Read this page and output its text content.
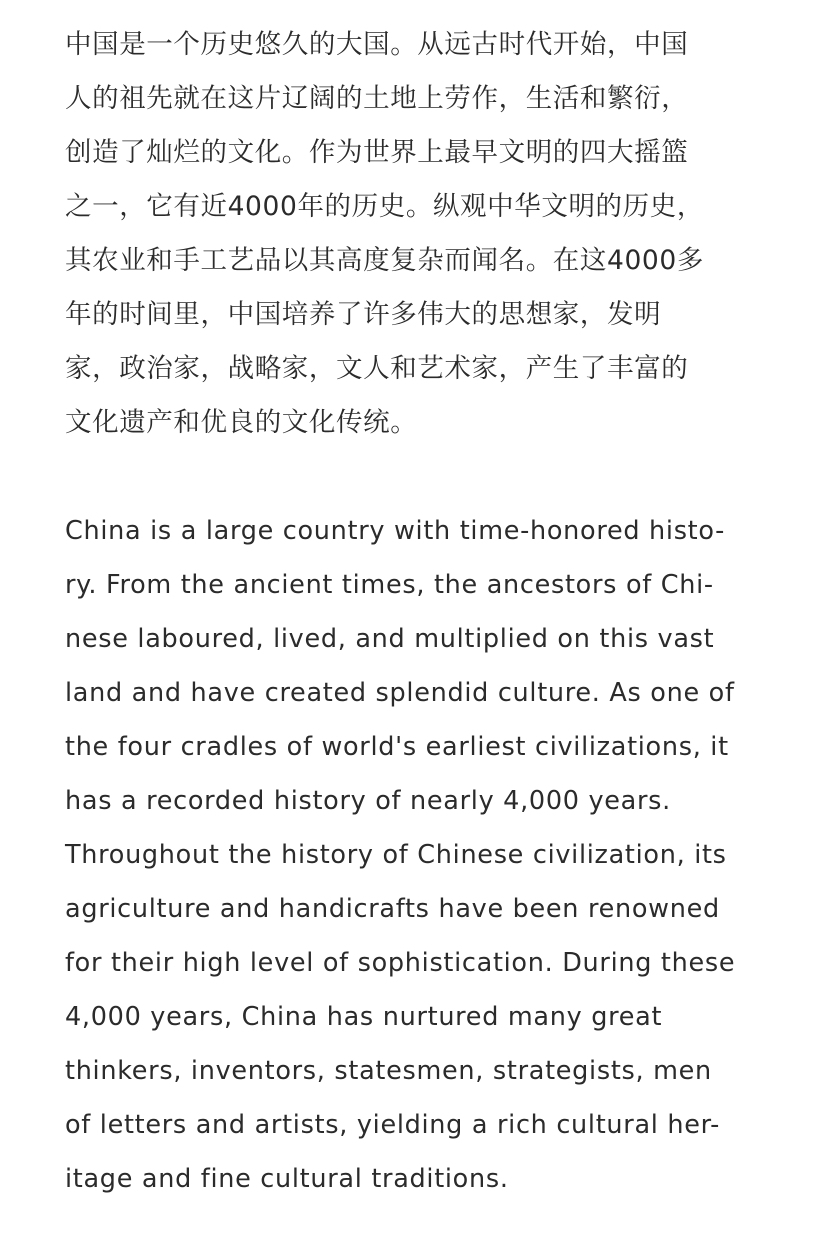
中国是一个历史悠久的大国。从远古时代开始，中国
人的祖先就在这片辽阔的土地上劳作，生活和繁衍，
创造了灿烂的文化。作为世界上最早文明的四大摇篮
之一，它有近4000年的历史。纵观中华文明的历史，
其农业和手工艺品以其高度复杂而闻名。在这4000多
年的时间里，中国培养了许多伟大的思想家，发明
家，政治家，战略家，文人和艺术家，产生了丰富的
文化遗产和优良的文化传统。

China is a large country with time-honored histo-
ry. From the ancient times, the ancestors of Chi-
nese laboured, lived, and multiplied on this vast
land and have created splendid culture. As one of
the four cradles of world's earliest civilizations, it
has a recorded history of nearly 4,000 years.
Throughout the history of Chinese civilization, its
agriculture and handicrafts have been renowned
for their high level of sophistication. During these
4,000 years, China has nurtured many great
thinkers, inventors, statesmen, strategists, men
of letters and artists, yielding a rich cultural her-
itage and fine cultural traditions.
